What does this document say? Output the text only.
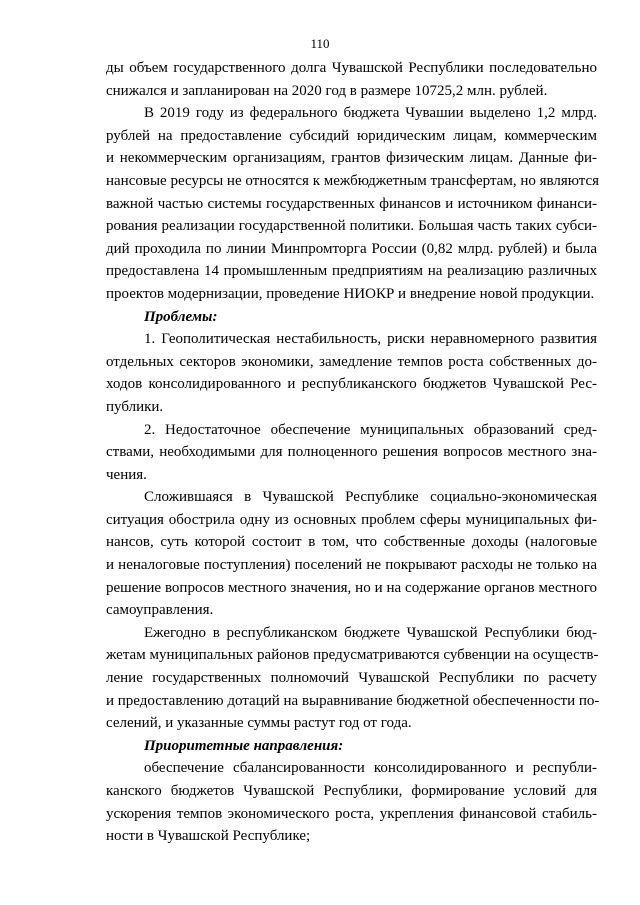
110
ды объем государственного долга Чувашской Республики последовательно
снижался и запланирован на 2020 год в размере 10725,2 млн. рублей.
В 2019 году из федерального бюджета Чувашии выделено 1,2 млрд.
рублей на предоставление субсидий юридическим лицам, коммерческим
и некоммерческим организациям, грантов физическим лицам. Данные фи-
нансовые ресурсы не относятся к межбюджетным трансфертам, но являются
важной частью системы государственных финансов и источником финанси-
рования реализации государственной политики. Большая часть таких субси-
дий проходила по линии Минпромторга России (0,82 млрд. рублей) и была
предоставлена 14 промышленным предприятиям на реализацию различных
проектов модернизации, проведение НИОКР и внедрение новой продукции.
Проблемы:
1. Геополитическая нестабильность, риски неравномерного развития
отдельных секторов экономики, замедление темпов роста собственных до-
ходов консолидированного и республиканского бюджетов Чувашской Рес-
публики.
2. Недостаточное обеспечение муниципальных образований сред-
ствами, необходимыми для полноценного решения вопросов местного зна-
чения.
Сложившаяся в Чувашской Республике социально-экономическая
ситуация обострила одну из основных проблем сферы муниципальных фи-
нансов, суть которой состоит в том, что собственные доходы (налоговые
и неналоговые поступления) поселений не покрывают расходы не только на
решение вопросов местного значения, но и на содержание органов местного
самоуправления.
Ежегодно в республиканском бюджете Чувашской Республики бюд-
жетам муниципальных районов предусматриваются субвенции на осуществ-
ление государственных полномочий Чувашской Республики по расчету
и предоставлению дотаций на выравнивание бюджетной обеспеченности по-
селений, и указанные суммы растут год от года.
Приоритетные направления:
обеспечение сбалансированности консолидированного и республи-
канского бюджетов Чувашской Республики, формирование условий для
ускорения темпов экономического роста, укрепления финансовой стабиль-
ности в Чувашской Республике;
